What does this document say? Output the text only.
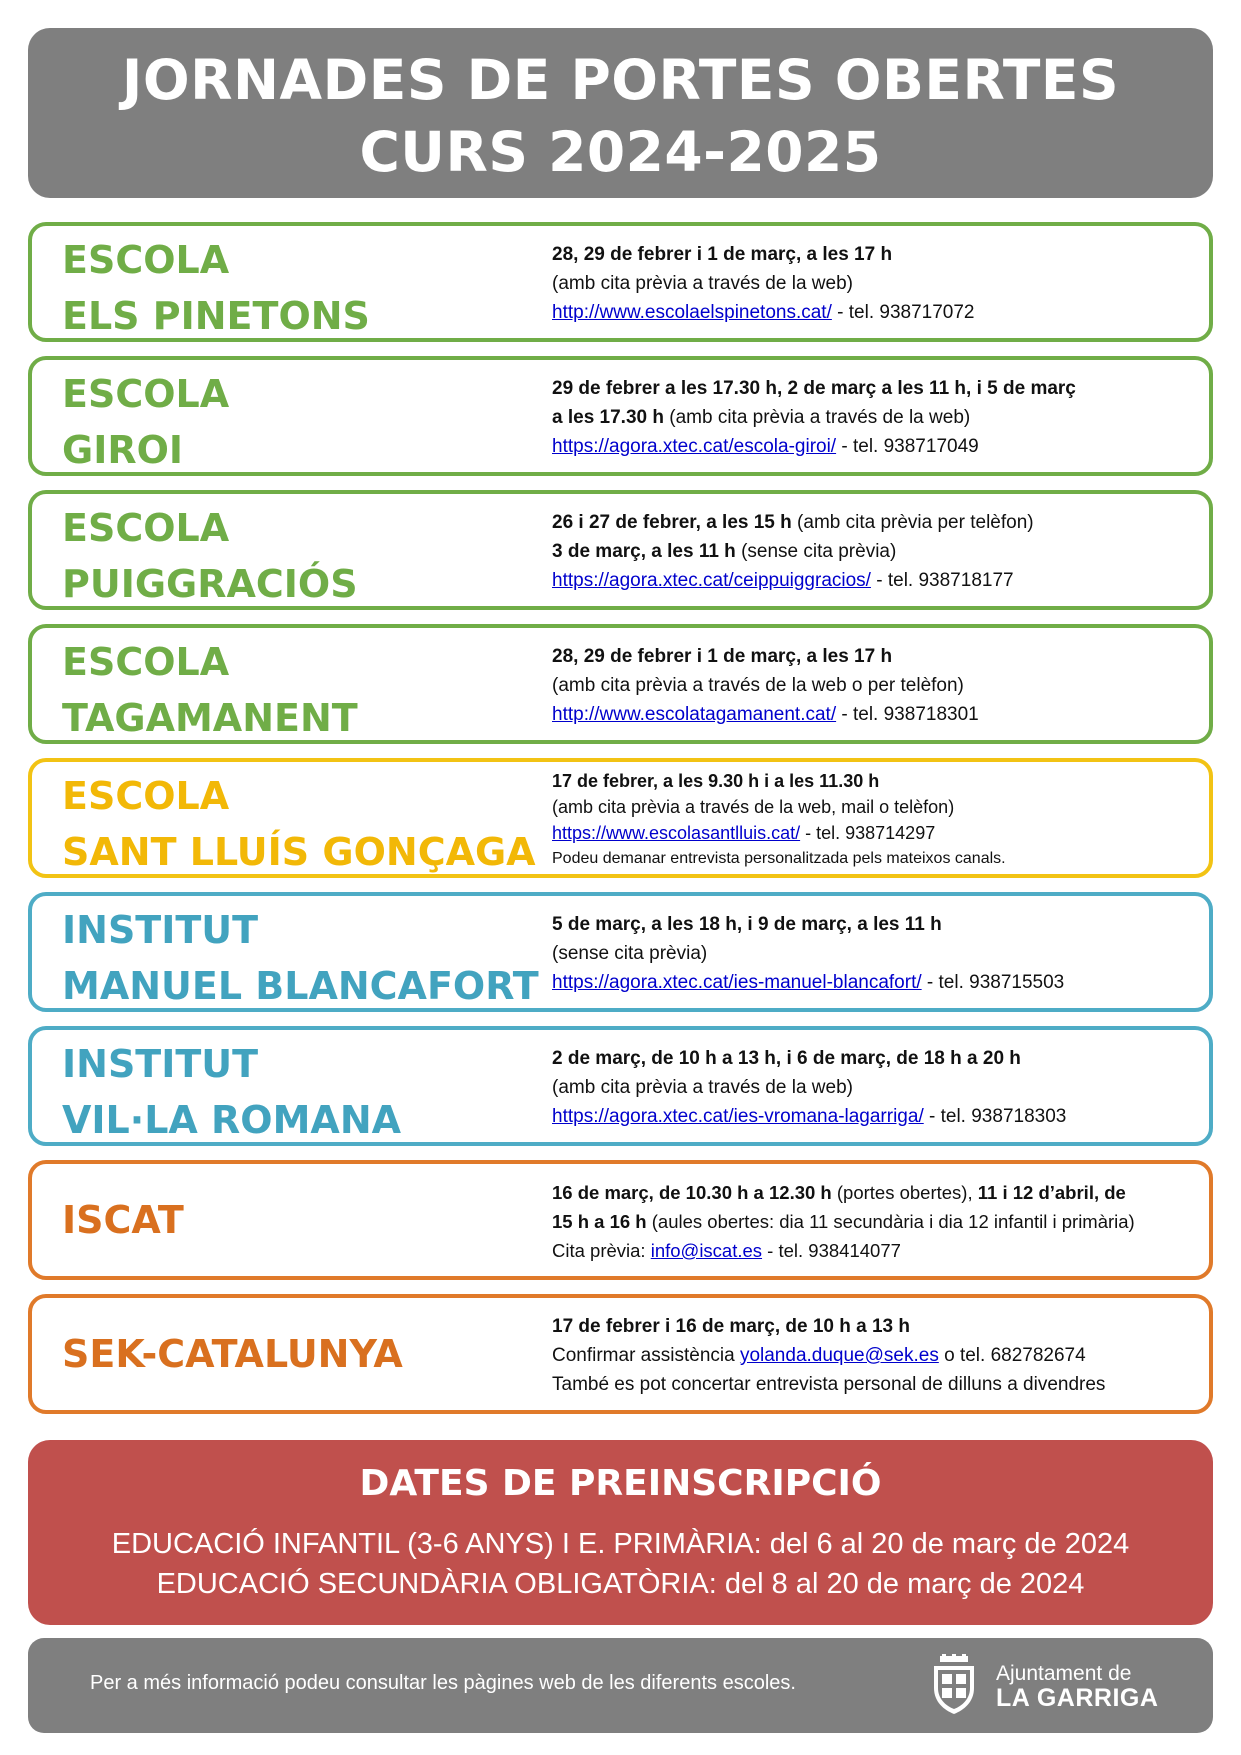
JORNADES DE PORTES OBERTES
CURS 2024-2025
ESCOLA
ELS PINETONS
28, 29 de febrer i 1 de març, a les 17 h
(amb cita prèvia a través de la web)
http://www.escolaelspinetons.cat/ - tel. 938717072
ESCOLA
GIROI
29 de febrer a les 17.30 h, 2 de març a les 11 h, i 5 de març
a les 17.30 h (amb cita prèvia a través de la web)
https://agora.xtec.cat/escola-giroi/ - tel. 938717049
ESCOLA
PUIGGRACIÓS
26 i 27 de febrer, a les 15 h (amb cita prèvia per telèfon)
3 de març, a les 11 h (sense cita prèvia)
https://agora.xtec.cat/ceippuiggracios/ - tel. 938718177
ESCOLA
TAGAMANENT
28, 29 de febrer i 1 de març, a les 17 h
(amb cita prèvia a través de la web o per telèfon)
http://www.escolatagamanent.cat/ - tel. 938718301
ESCOLA
SANT LLUÍS GONÇAGA
17 de febrer, a les 9.30 h i a les 11.30 h
(amb cita prèvia a través de la web, mail o telèfon)
https://www.escolasantlluis.cat/ - tel. 938714297
Podeu demanar entrevista personalitzada pels mateixos canals.
INSTITUT
MANUEL BLANCAFORT
5 de març, a les 18 h, i 9 de març, a les 11 h
(sense cita prèvia)
https://agora.xtec.cat/ies-manuel-blancafort/ - tel. 938715503
INSTITUT
VIL·LA ROMANA
2 de març, de 10 h a 13 h, i 6 de març, de 18 h a 20 h
(amb cita prèvia a través de la web)
https://agora.xtec.cat/ies-vromana-lagarriga/ - tel. 938718303
ISCAT
16 de març, de 10.30 h a 12.30 h (portes obertes), 11 i 12 d’abril, de
15 h a 16 h (aules obertes: dia 11 secundària i dia 12 infantil i primària)
Cita prèvia: info@iscat.es - tel. 938414077
SEK-CATALUNYA
17 de febrer i 16 de març, de 10 h a 13 h
Confirmar assistència yolanda.duque@sek.es o tel. 682782674
També es pot concertar entrevista personal de dilluns a divendres
DATES DE PREINSCRIPCIÓ
EDUCACIÓ INFANTIL (3-6 ANYS) I E. PRIMÀRIA: del 6 al 20 de març de 2024
EDUCACIÓ SECUNDÀRIA OBLIGATÒRIA: del 8 al 20 de març de 2024
Per a més informació podeu consultar les pàgines web de les diferents escoles.	Ajuntament de
LA GARRIGA
